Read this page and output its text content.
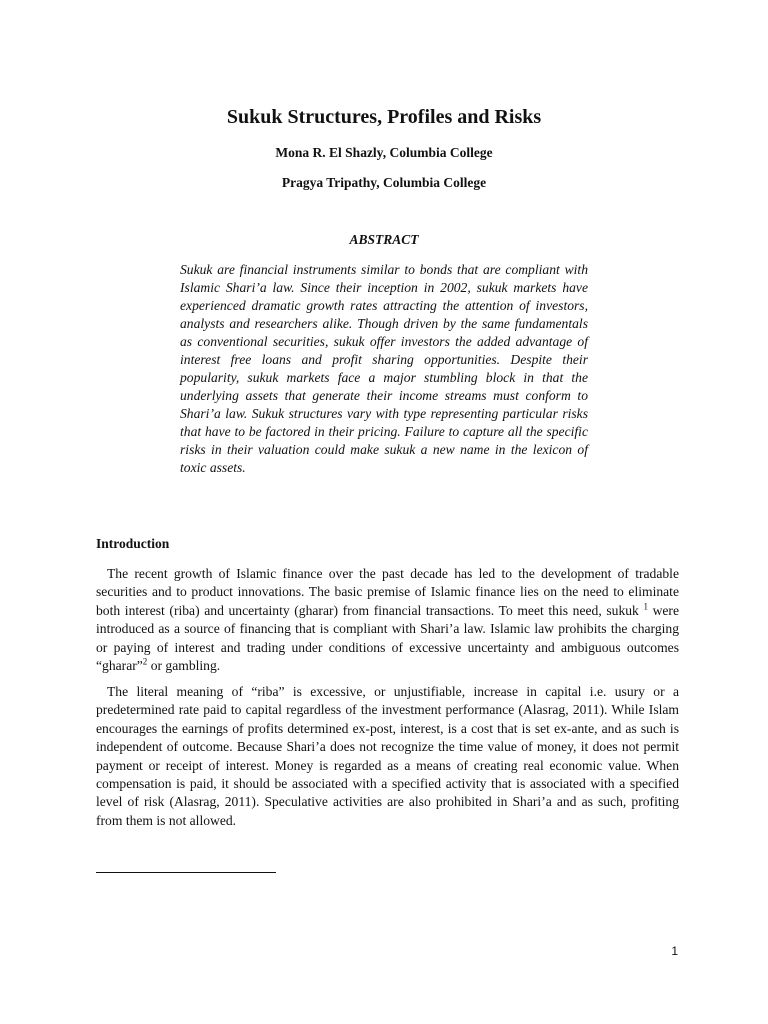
Sukuk Structures, Profiles and Risks
Mona R. El Shazly, Columbia College
Pragya Tripathy, Columbia College
ABSTRACT

Sukuk are financial instruments similar to bonds that are compliant with Islamic Shari’a law. Since their inception in 2002, sukuk markets have experienced dramatic growth rates attracting the attention of investors, analysts and researchers alike. Though driven by the same fundamentals as conventional securities, sukuk offer investors the added advantage of interest free loans and profit sharing opportunities. Despite their popularity, sukuk markets face a major stumbling block in that the underlying assets that generate their income streams must conform to Shari’a law. Sukuk structures vary with type representing particular risks that have to be factored in their pricing. Failure to capture all the specific risks in their valuation could make sukuk a new name in the lexicon of toxic assets.

Introduction

The recent growth of Islamic finance over the past decade has led to the development of tradable securities and to product innovations. The basic premise of Islamic finance lies on the need to eliminate both interest (riba) and uncertainty (gharar) from financial transactions. To meet this need, sukuk $^1$ were introduced as a source of financing that is compliant with Shari’a law. Islamic law prohibits the charging or paying of interest and trading under conditions of excessive uncertainty and ambiguous outcomes “gharar”$^2$ or gambling.

The literal meaning of “riba” is excessive, or unjustifiable, increase in capital i.e. usury or a predetermined rate paid to capital regardless of the investment performance (Alasrag, 2011). While Islam encourages the earnings of profits determined ex-post, interest, is a cost that is set ex-ante, and as such is independent of outcome. Because Shari’a does not recognize the time value of money, it does not permit payment or receipt of interest. Money is regarded as a means of creating real economic value. When compensation is paid, it should be associated with a specified activity that is associated with a specified level of risk (Alasrag, 2011). Speculative activities are also prohibited in Shari’a and as such, profiting from them is not allowed.

1
